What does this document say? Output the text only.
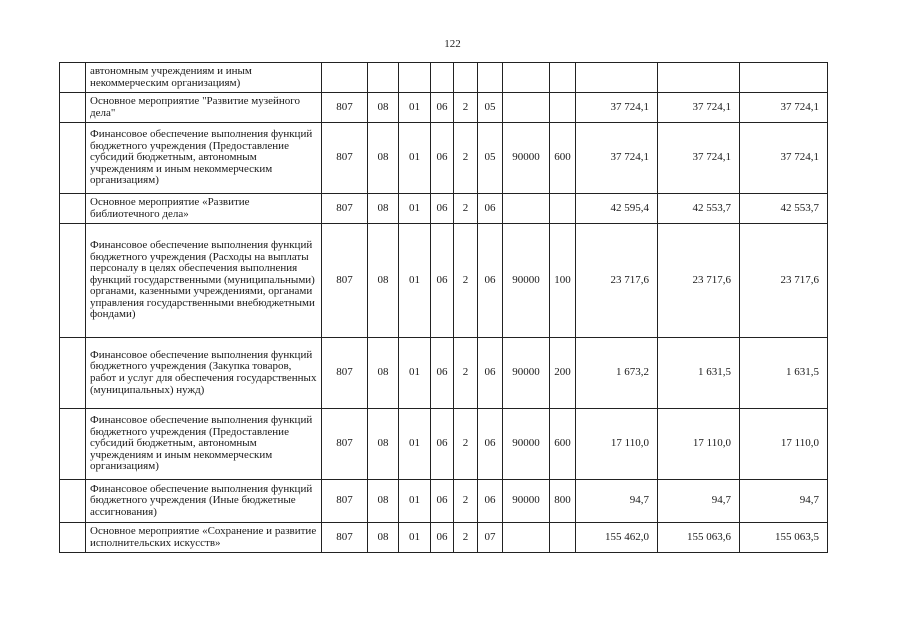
122
	автономным учреждениям и иным некоммерческим организациям)											
	Основное мероприятие "Развитие музейного дела"	807	08	01	06	2	05			37 724,1	37 724,1	37 724,1
	Финансовое обеспечение выполнения функций бюджетного учреждения (Предоставление субсидий бюджетным, автономным учреждениям и иным некоммерческим организациям)	807	08	01	06	2	05	90000	600	37 724,1	37 724,1	37 724,1
	Основное мероприятие «Развитие библиотечного дела»	807	08	01	06	2	06			42 595,4	42 553,7	42 553,7
	Финансовое обеспечение выполнения функций бюджетного учреждения (Расходы на выплаты персоналу в целях обеспечения выполнения функций государственными (муниципальными) органами, казенными учреждениями, органами управления государственными внебюджетными фондами)	807	08	01	06	2	06	90000	100	23 717,6	23 717,6	23 717,6
	Финансовое обеспечение выполнения функций бюджетного учреждения (Закупка товаров, работ и услуг для обеспечения государственных (муниципальных) нужд)	807	08	01	06	2	06	90000	200	1 673,2	1 631,5	1 631,5
	Финансовое обеспечение выполнения функций бюджетного учреждения (Предоставление субсидий бюджетным, автономным учреждениям и иным некоммерческим организациям)	807	08	01	06	2	06	90000	600	17 110,0	17 110,0	17 110,0
	Финансовое обеспечение выполнения функций бюджетного учреждения (Иные бюджетные ассигнования)	807	08	01	06	2	06	90000	800	94,7	94,7	94,7
	Основное мероприятие «Сохранение и развитие исполнительских искусств»	807	08	01	06	2	07			155 462,0	155 063,6	155 063,5
